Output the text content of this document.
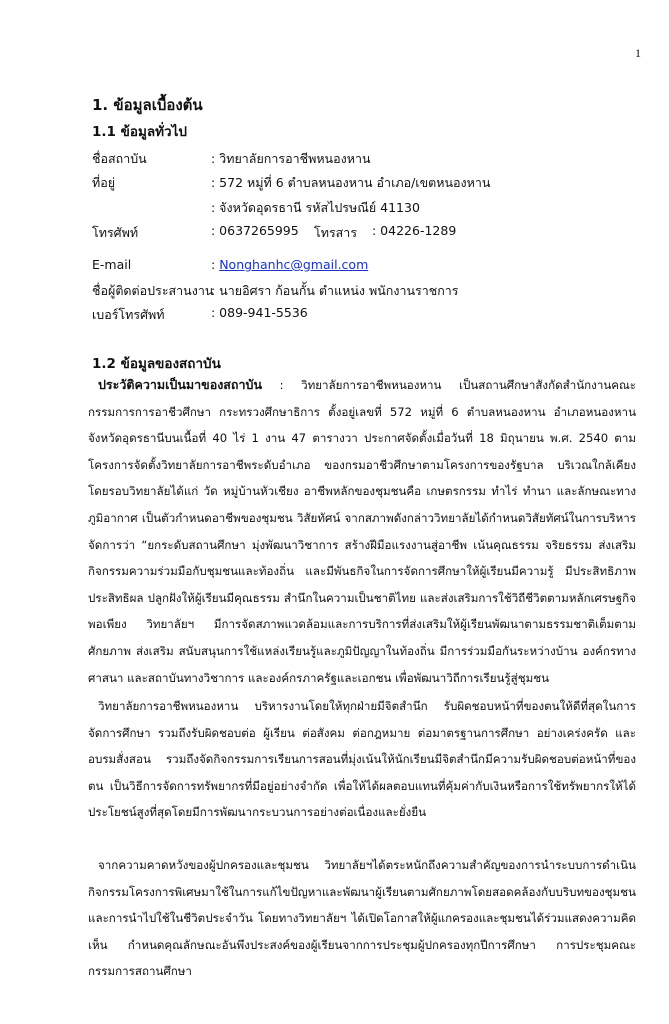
1
1. ข้อมูลเบื้องต้น
1.1 ข้อมูลทั่วไป
ชื่อสถาบัน	: วิทยาลัยการอาชีพหนองหาน
ที่อยู่	: 572 หมู่ที่ 6 ตำบลหนองหาน อำเภอ/เขตหนองหาน
: จังหวัดอุดรธานี รหัสไปรษณีย์ 41130
โทรศัพท์	: 0637265995 โทรสาร : 04226-1289
E-mail	: Nonghanhc@gmail.com
ชื่อผู้ติดต่อประสานงาน
: นายอิศรา ก้อนกั้น ตำแหน่ง พนักงานราชการ
เบอร์โทรศัพท์	: 089-941-5536
1.2 ข้อมูลของสถาบัน
ประวัติความเป็นมาของสถาบัน : วิทยาลัยการอาชีพหนองหาน เป็นสถานศึกษาสังกัดสำนักงานคณะกรรมการการอาชีวศึกษา กระทรวงศึกษาธิการ ตั้งอยู่เลขที่ 572 หมู่ที่ 6 ตำบลหนองหาน อำเภอหนองหาน จังหวัดอุดรธานีบนเนื้อที่ 40 ไร่ 1 งาน 47 ตารางวา ประกาศจัดตั้งเมื่อวันที่ 18 มิถุนายน พ.ศ. 2540 ตามโครงการจัดตั้งวิทยาลัยการอาชีพระดับอำเภอ ของกรมอาชีวศึกษาตามโครงการของรัฐบาล บริเวณใกล้เคียงโดยรอบวิทยาลัยได้แก่ วัด หมู่บ้านหัวเชียง อาชีพหลักของชุมชนคือ เกษตรกรรม ทำไร่ ทำนา และลักษณะทางภูมิอากาศ เป็นตัวกำหนดอาชีพของชุมชน วิสัยทัศน์ จากสภาพดังกล่าววิทยาลัยได้กำหนดวิสัยทัศน์ในการบริหารจัดการว่า “ยกระดับสถานศึกษา มุ่งพัฒนาวิชาการ สร้างฝีมือแรงงานสู่อาชีพ เน้นคุณธรรม จริยธรรม ส่งเสริมกิจกรรมความร่วมมือกับชุมชนและท้องถิ่น และมีพันธกิจในการจัดการศึกษาให้ผู้เรียนมีความรู้ มีประสิทธิภาพ ประสิทธิผล ปลูกฝังให้ผู้เรียนมีคุณธรรม สำนึกในความเป็นชาติไทย และส่งเสริมการใช้วิถีชีวิตตามหลักเศรษฐกิจพอเพียง วิทยาลัยฯ มีการจัดสภาพแวดล้อมและการบริการที่ส่งเสริมให้ผู้เรียนพัฒนาตามธรรมชาติเต็มตามศักยภาพ ส่งเสริม สนับสนุนการใช้แหล่งเรียนรู้และภูมิปัญญาในท้องถิ่น มีการร่วมมือกันระหว่างบ้าน องค์กรทางศาสนา และสถาบันทางวิชาการ และองค์กรภาครัฐและเอกชน เพื่อพัฒนาวิถีการเรียนรู้สู่ชุมชน
วิทยาลัยการอาชีพหนองหาน บริหารงานโดยให้ทุกฝ่ายมีจิตสำนึก รับผิดชอบหน้าที่ของตนให้ดีที่สุดในการจัดการศึกษา รวมถึงรับผิดชอบต่อ ผู้เรียน ต่อสังคม ต่อกฎหมาย ต่อมาตรฐานการศึกษา อย่างเคร่งครัด และอบรมสั่งสอน รวมถึงจัดกิจกรรมการเรียนการสอนที่มุ่งเน้นให้นักเรียนมีจิตสำนึกมีความรับผิดชอบต่อหน้าที่ของตน เป็นวิธีการจัดการทรัพยากรที่มีอยู่อย่างจำกัด เพื่อให้ได้ผลตอบแทนที่คุ้มค่ากับเงินหรือการใช้ทรัพยากรให้ได้ประโยชน์สูงที่สุดโดยมีการพัฒนากระบวนการอย่างต่อเนื่องและยั่งยืน
จากความคาดหวังของผู้ปกครองและชุมชน วิทยาลัยฯได้ตระหนักถึงความสำคัญของการนำระบบการดำเนินกิจกรรมโครงการพิเศษมาใช้ในการแก้ไขปัญหาและพัฒนาผู้เรียนตามศักยภาพโดยสอดคล้องกับบริบทของชุมชนและการนำไปใช้ในชีวิตประจำวัน โดยทางวิทยาลัยฯ ได้เปิดโอกาสให้ผู้แกครองและชุมชนได้ร่วมแสดงความคิดเห็น กำหนดคุณลักษณะอันพึงประสงค์ของผู้เรียนจากการประชุมผู้ปกครองทุกปีการศึกษา การประชุมคณะกรรมการสถานศึกษา
